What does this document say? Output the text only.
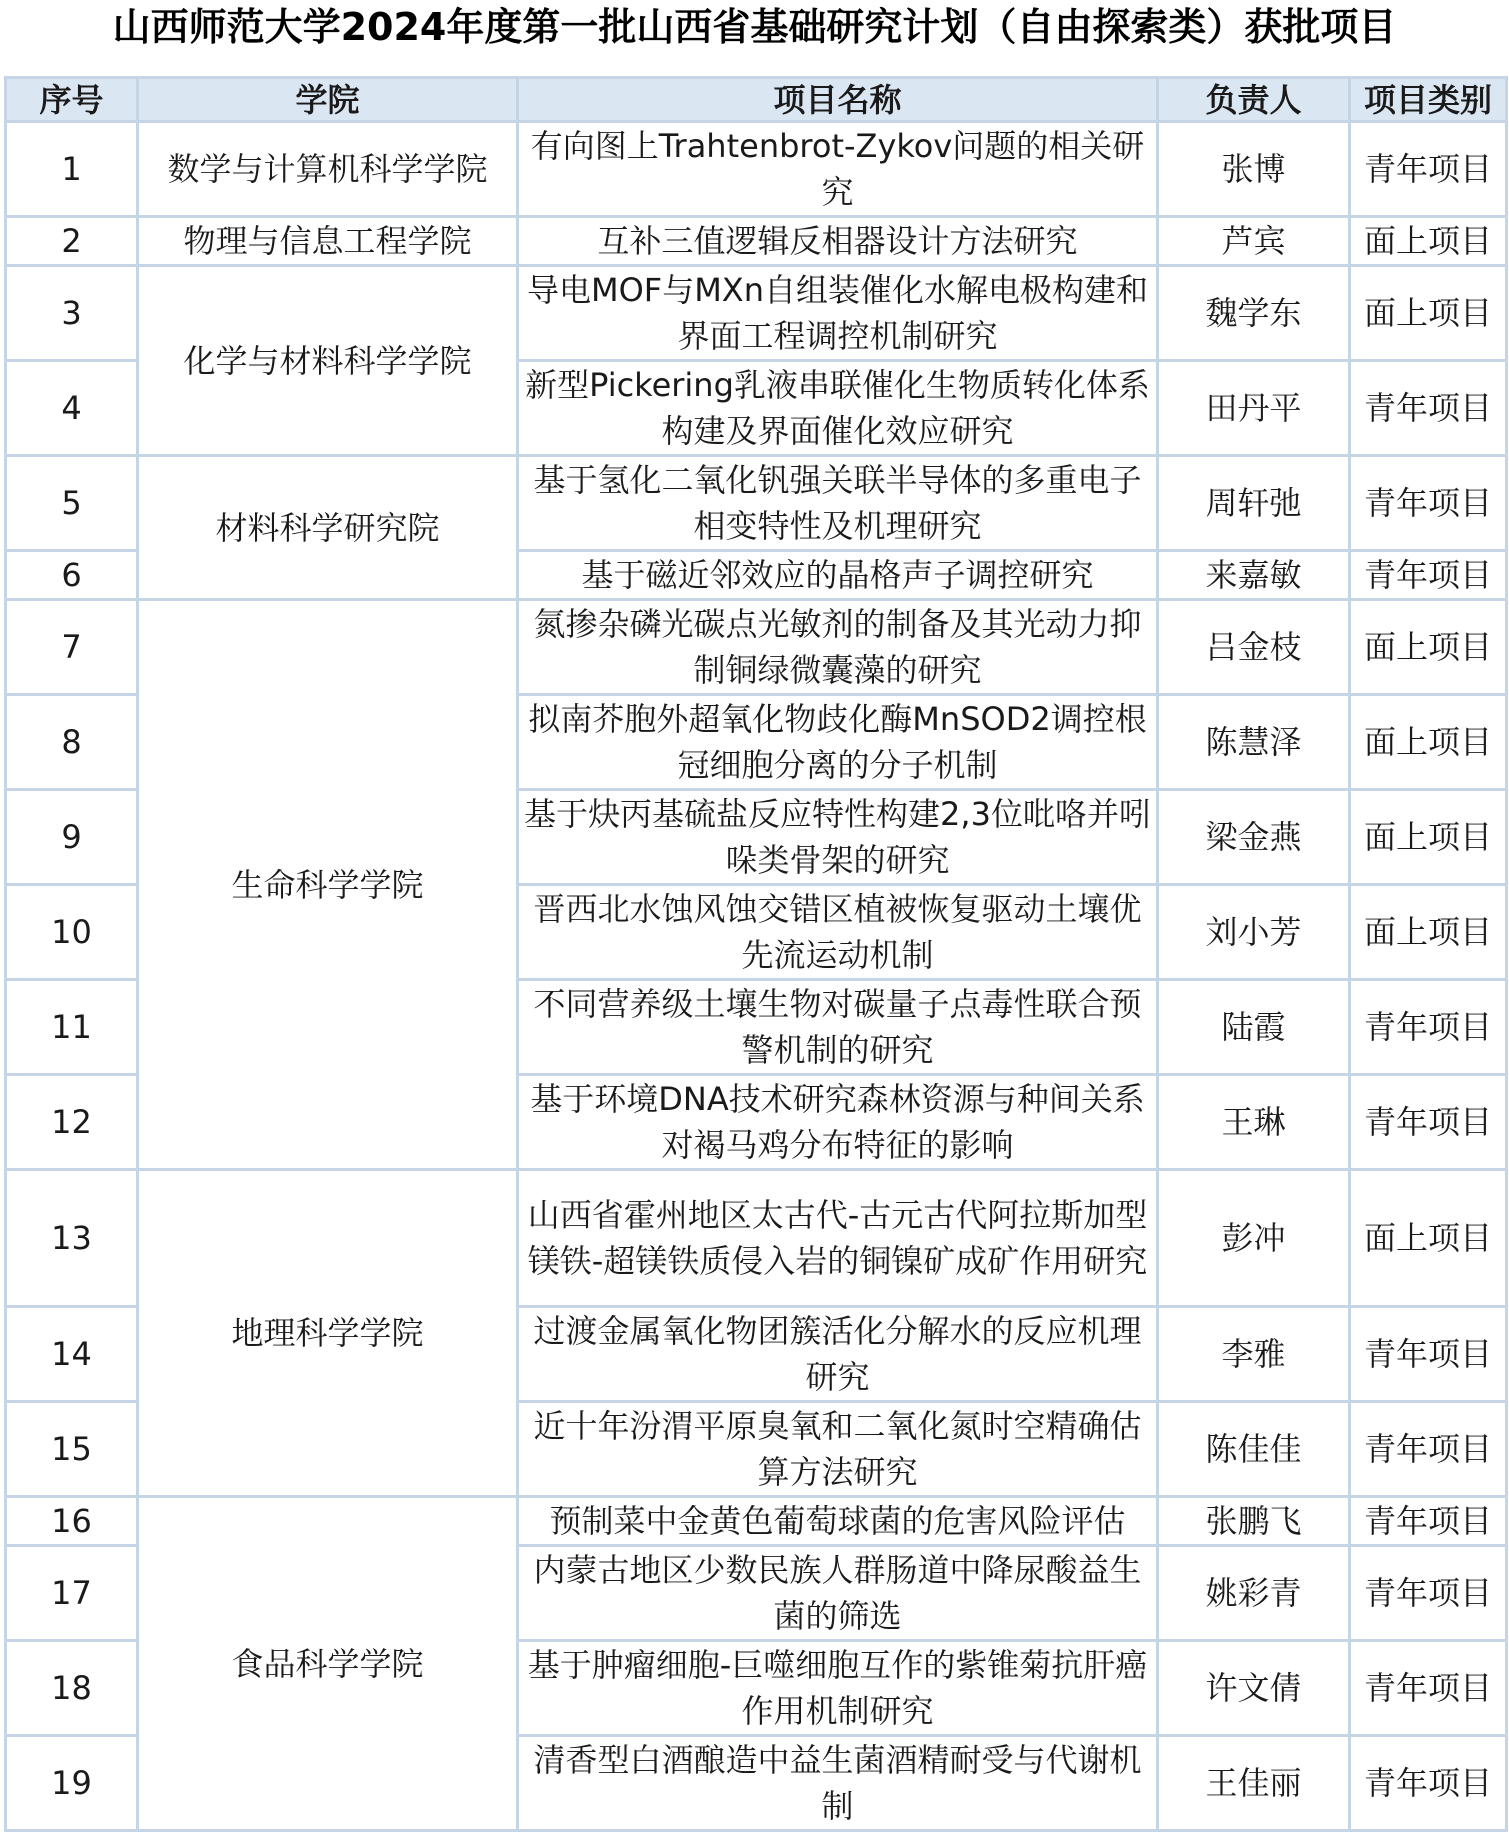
山西师范大学2024年度第一批山西省基础研究计划（自由探索类）获批项目
序号	学院	项目名称	负责人	项目类别
1	数学与计算机科学学院	有向图上Trahtenbrot-Zykov问题的相关研究	张博	青年项目
2	物理与信息工程学院	互补三值逻辑反相器设计方法研究	芦宾	面上项目
3	化学与材料科学学院	导电MOF与MXn自组装催化水解电极构建和界面工程调控机制研究	魏学东	面上项目
4		新型Pickering乳液串联催化生物质转化体系构建及界面催化效应研究	田丹平	青年项目
5	材料科学研究院	基于氢化二氧化钒强关联半导体的多重电子相变特性及机理研究	周轩弛	青年项目
6		基于磁近邻效应的晶格声子调控研究	来嘉敏	青年项目
7	生命科学学院	氮掺杂磷光碳点光敏剂的制备及其光动力抑制铜绿微囊藻的研究	吕金枝	面上项目
8		拟南芥胞外超氧化物歧化酶MnSOD2调控根冠细胞分离的分子机制	陈慧泽	面上项目
9		基于炔丙基硫盐反应特性构建2,3位吡咯并吲哚类骨架的研究	梁金燕	面上项目
10		晋西北水蚀风蚀交错区植被恢复驱动土壤优先流运动机制	刘小芳	面上项目
11		不同营养级土壤生物对碳量子点毒性联合预警机制的研究	陆霞	青年项目
12		基于环境DNA技术研究森林资源与种间关系对褐马鸡分布特征的影响	王琳	青年项目
13	地理科学学院	山西省霍州地区太古代-古元古代阿拉斯加型镁铁-超镁铁质侵入岩的铜镍矿成矿作用研究	彭冲	面上项目
14		过渡金属氧化物团簇活化分解水的反应机理研究	李雅	青年项目
15		近十年汾渭平原臭氧和二氧化氮时空精确估算方法研究	陈佳佳	青年项目
16	食品科学学院	预制菜中金黄色葡萄球菌的危害风险评估	张鹏飞	青年项目
17		内蒙古地区少数民族人群肠道中降尿酸益生菌的筛选	姚彩青	青年项目
18		基于肿瘤细胞-巨噬细胞互作的紫锥菊抗肝癌作用机制研究	许文倩	青年项目
19		清香型白酒酿造中益生菌酒精耐受与代谢机制	王佳丽	青年项目
